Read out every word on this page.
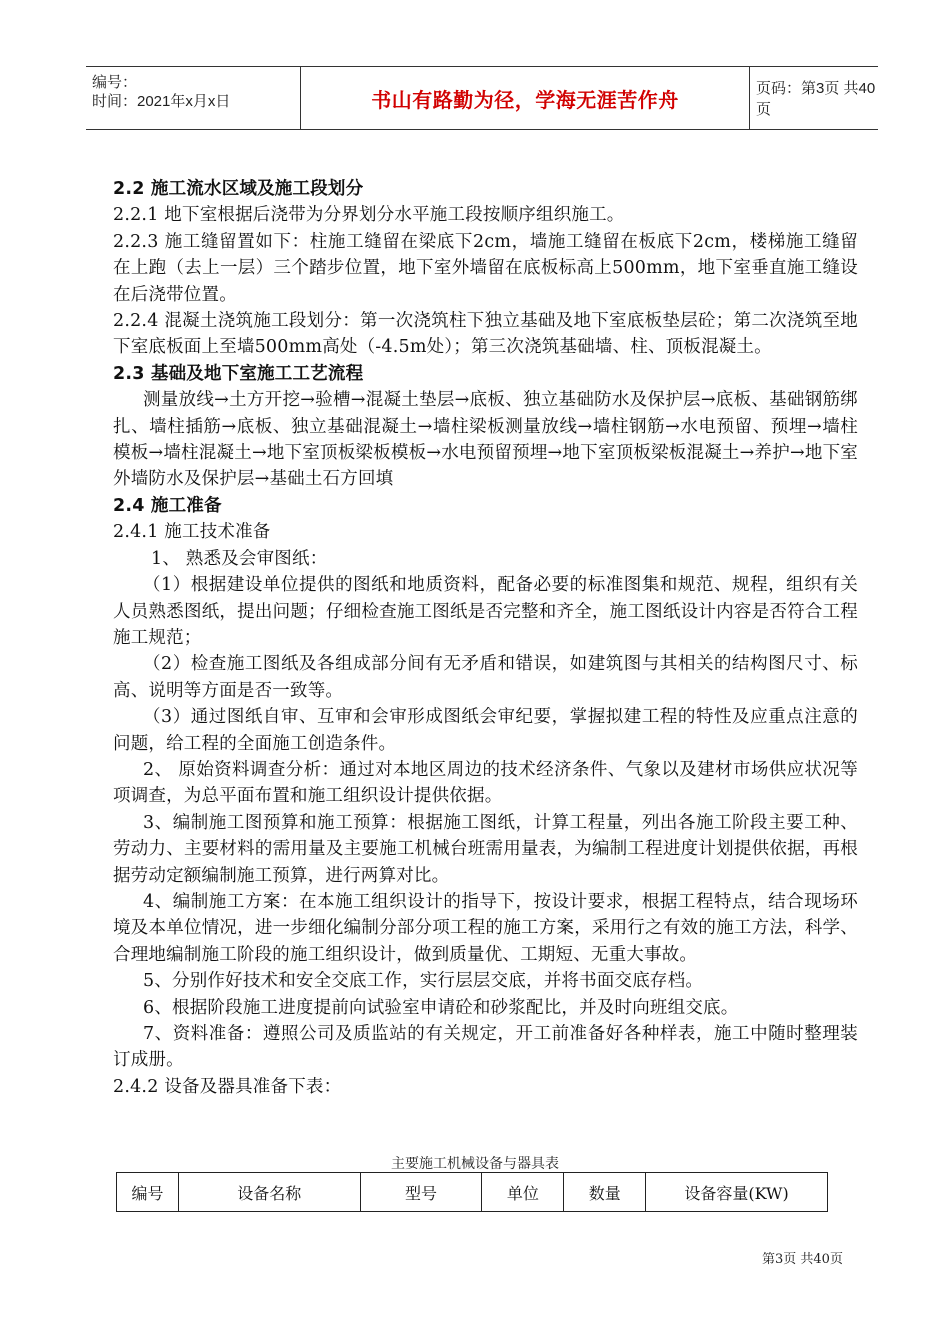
编号：
时间：2021年x月x日	书山有路勤为径，学海无涯苦作舟	页码：第3页 共40页

2.2 施工流水区域及施工段划分

2.2.1 地下室根据后浇带为分界划分水平施工段按顺序组织施工。

2.2.3 施工缝留置如下：柱施工缝留在梁底下2cm，墙施工缝留在板底下2cm，楼梯施工缝留在上跑（去上一层）三个踏步位置，地下室外墙留在底板标高上500mm，地下室垂直施工缝设在后浇带位置。

2.2.4 混凝土浇筑施工段划分：第一次浇筑柱下独立基础及地下室底板垫层砼；第二次浇筑至地下室底板面上至墙500mm高处（-4.5m处）；第三次浇筑基础墙、柱、顶板混凝土。

2.3 基础及地下室施工工艺流程

测量放线→土方开挖→验槽→混凝土垫层→底板、独立基础防水及保护层→底板、基础钢筋绑扎、墙柱插筋→底板、独立基础混凝土→墙柱梁板测量放线→墙柱钢筋→水电预留、预埋→墙柱模板→墙柱混凝土→地下室顶板梁板模板→水电预留预埋→地下室顶板梁板混凝土→养护→地下室外墙防水及保护层→基础土石方回填

2.4 施工准备

2.4.1 施工技术准备

1、 熟悉及会审图纸：

（1）根据建设单位提供的图纸和地质资料，配备必要的标准图集和规范、规程，组织有关人员熟悉图纸，提出问题；仔细检查施工图纸是否完整和齐全，施工图纸设计内容是否符合工程施工规范；

（2）检查施工图纸及各组成部分间有无矛盾和错误，如建筑图与其相关的结构图尺寸、标高、说明等方面是否一致等。

（3）通过图纸自审、互审和会审形成图纸会审纪要，掌握拟建工程的特性及应重点注意的问题，给工程的全面施工创造条件。

2、 原始资料调查分析：通过对本地区周边的技术经济条件、气象以及建材市场供应状况等项调查，为总平面布置和施工组织设计提供依据。

3、编制施工图预算和施工预算：根据施工图纸，计算工程量，列出各施工阶段主要工种、劳动力、主要材料的需用量及主要施工机械台班需用量表，为编制工程进度计划提供依据，再根据劳动定额编制施工预算，进行两算对比。

4、编制施工方案：在本施工组织设计的指导下，按设计要求，根据工程特点，结合现场环境及本单位情况，进一步细化编制分部分项工程的施工方案，采用行之有效的施工方法，科学、合理地编制施工阶段的施工组织设计，做到质量优、工期短、无重大事故。

5、分别作好技术和安全交底工作，实行层层交底，并将书面交底存档。

6、根据阶段施工进度提前向试验室申请砼和砂浆配比，并及时向班组交底。

7、资料准备：遵照公司及质监站的有关规定，开工前准备好各种样表，施工中随时整理装订成册。

2.4.2 设备及器具准备下表：

主要施工机械设备与器具表
编号	设备名称	型号	单位	数量	设备容量(KW)
第3页 共40页
